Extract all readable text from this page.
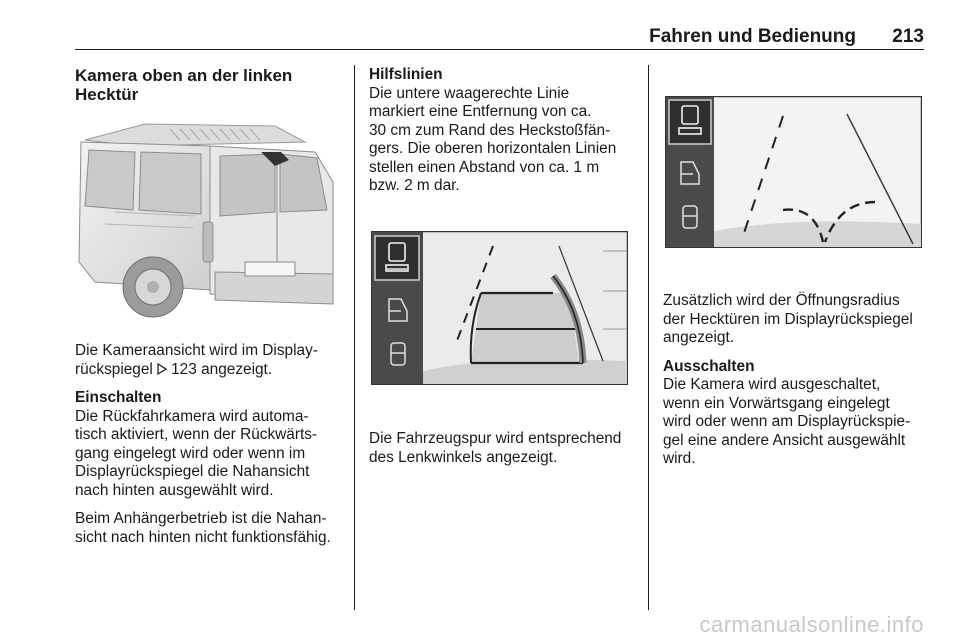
Fahren und Bedienung 213
Kamera oben an der linken
Hecktür
Die Kameraansicht wird im Display‐
rückspiegel 123 angezeigt.
Einschalten
Die Rückfahrkamera wird automa‐
tisch aktiviert, wenn der Rückwärts‐
gang eingelegt wird oder wenn im
Displayrückspiegel die Nahansicht
nach hinten ausgewählt wird.
Beim Anhängerbetrieb ist die Nahan‐
sicht nach hinten nicht funktionsfähig.
Hilfslinien
Die untere waagerechte Linie
markiert eine Entfernung von ca.
30 cm zum Rand des Heckstoßfän‐
gers. Die oberen horizontalen Linien
stellen einen Abstand von ca. 1 m
bzw. 2 m dar.
Die Fahrzeugspur wird entsprechend
des Lenkwinkels angezeigt.
Zusätzlich wird der Öffnungsradius
der Hecktüren im Displayrückspiegel
angezeigt.
Ausschalten
Die Kamera wird ausgeschaltet,
wenn ein Vorwärtsgang eingelegt
wird oder wenn am Displayrückspie‐
gel eine andere Ansicht ausgewählt
wird.
carmanualsonline.info
